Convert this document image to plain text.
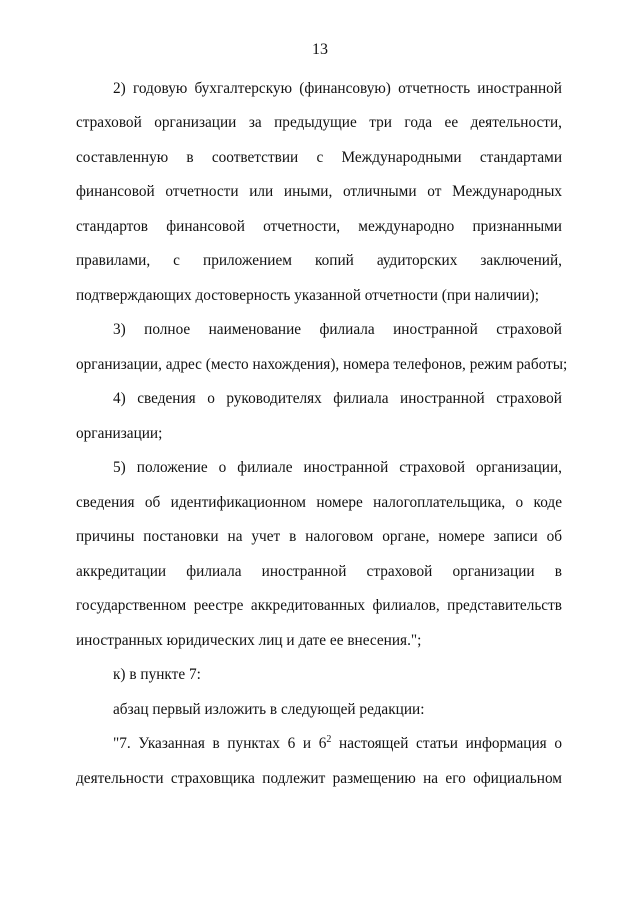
13
2) годовую бухгалтерскую (финансовую) отчетность иностранной
страховой организации за предыдущие три года ее деятельности,
составленную в соответствии с Международными стандартами
финансовой отчетности или иными, отличными от Международных
стандартов финансовой отчетности, международно признанными
правилами, с приложением копий аудиторских заключений,
подтверждающих достоверность указанной отчетности (при наличии);
3) полное наименование филиала иностранной страховой
организации, адрес (место нахождения), номера телефонов, режим работы;
4) сведения о руководителях филиала иностранной страховой
организации;
5) положение о филиале иностранной страховой организации,
сведения об идентификационном номере налогоплательщика, о коде
причины постановки на учет в налоговом органе, номере записи об
аккредитации филиала иностранной страховой организации в
государственном реестре аккредитованных филиалов, представительств
иностранных юридических лиц и дате ее внесения.";
к) в пункте 7:
абзац первый изложить в следующей редакции:
"7. Указанная в пунктах 6 и $6^2$ настоящей статьи информация о
деятельности страховщика подлежит размещению на его официальном
